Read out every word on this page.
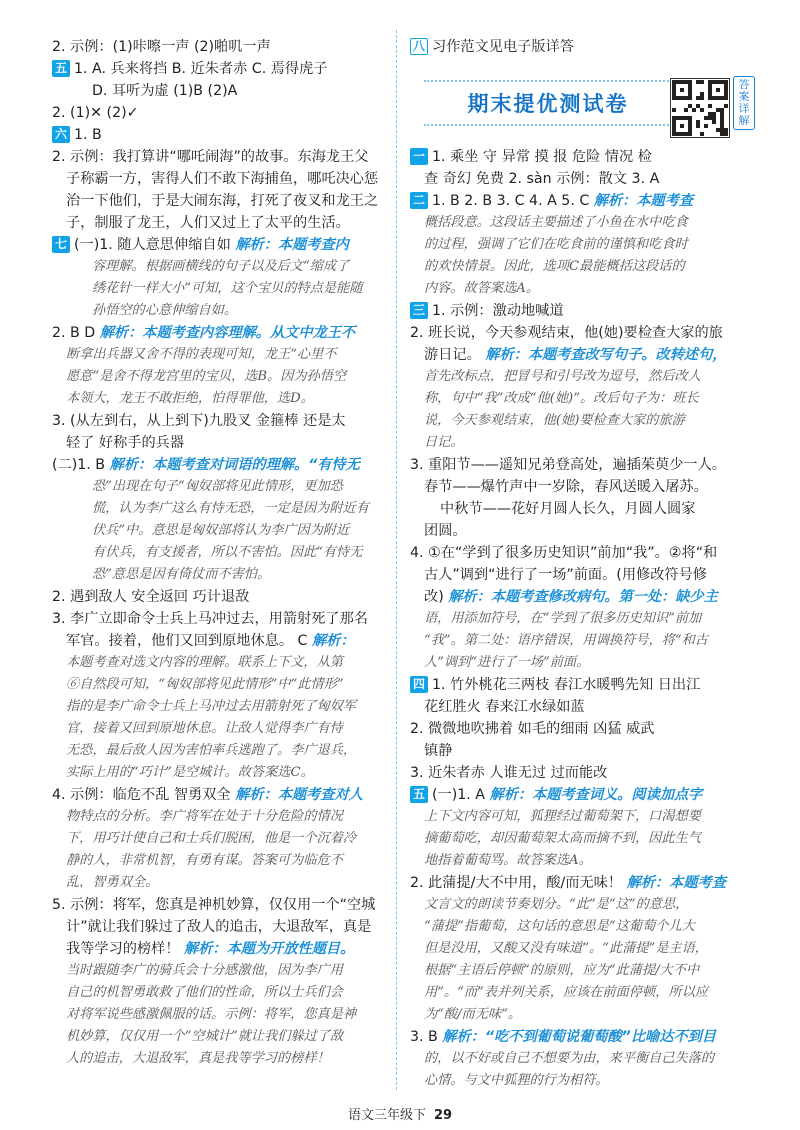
2. 示例：(1)咔嚓一声 (2)啪叽一声
五 1. A. 兵来将挡 B. 近朱者赤 C. 焉得虎子
D. 耳听为虚 (1)B (2)A
2. (1)✕ (2)✓
六 1. B
2. 示例：我打算讲“哪吒闹海”的故事。东海龙王父
子称霸一方，害得人们不敢下海捕鱼，哪吒决心惩
治一下他们，于是大闹东海，打死了夜叉和龙王之
子，制服了龙王，人们又过上了太平的生活。
七 (一)1. 随人意思伸缩自如 解析：本题考查内
容理解。根据画横线的句子以及后文“缩成了
绣花针一样大小”可知，这个宝贝的特点是能随
孙悟空的心意伸缩自如。
2. B D 解析：本题考查内容理解。从文中龙王不
断拿出兵器又舍不得的表现可知，龙王“心里不
愿意”是舍不得龙宫里的宝贝，选B。因为孙悟空
本领大，龙王不敢拒绝，怕得罪他，选D。
3. (从左到右，从上到下)九股叉 金箍棒 还是太
轻了 好称手的兵器
(二)1. B 解析：本题考查对词语的理解。“有恃无
恐”出现在句子“匈奴部将见此情形，更加恐
慌，认为李广这么有恃无恐，一定是因为附近有
伏兵”中。意思是匈奴部将认为李广因为附近
有伏兵，有支援者，所以不害怕。因此“有恃无
恐”意思是因有倚仗而不害怕。
2. 遇到敌人 安全返回 巧计退敌
3. 李广立即命令士兵上马冲过去，用箭射死了那名
军官。接着，他们又回到原地休息。 C 解析：
本题考查对选文内容的理解。联系上下文，从第
⑥自然段可知，“匈奴部将见此情形”中“此情形”
指的是李广命令士兵上马冲过去用箭射死了匈奴军
官，接着又回到原地休息。让敌人觉得李广有恃
无恐，最后敌人因为害怕率兵逃跑了。李广退兵，
实际上用的“巧计”是空城计。故答案选C。
4. 示例：临危不乱 智勇双全 解析：本题考查对人
物特点的分析。李广将军在处于十分危险的情况
下，用巧计使自己和士兵们脱困，他是一个沉着冷
静的人，非常机智，有勇有谋。答案可为临危不
乱，智勇双全。
5. 示例：将军，您真是神机妙算，仅仅用一个“空城
计”就让我们躲过了敌人的追击，大退敌军，真是
我等学习的榜样！ 解析：本题为开放性题目。
当时跟随李广的骑兵会十分感激他，因为李广用
自己的机智勇敢救了他们的性命，所以士兵们会
对将军说些感激佩服的话。示例：将军，您真是神
机妙算，仅仅用一个“空城计”就让我们躲过了敌
人的追击，大退敌军，真是我等学习的榜样！
八 习作范文见电子版详答
期末提优测试卷
答案详解
一 1. 乘坐 守 异常 摸 报 危险 情况 检
查 奇幻 免费 2. sàn 示例：散文 3. A
二 1. B 2. B 3. C 4. A 5. C 解析：本题考查
概括段意。这段话主要描述了小鱼在水中吃食
的过程，强调了它们在吃食前的谨慎和吃食时
的欢快情景。因此，选项C最能概括这段话的
内容。故答案选A。
三 1. 示例：激动地喊道
2. 班长说，今天参观结束，他(她)要检查大家的旅
游日记。 解析：本题考查改写句子。改转述句，
首先改标点，把冒号和引号改为逗号，然后改人
称，句中“我”改成“他(她)”。改后句子为：班长
说，今天参观结束，他(她)要检查大家的旅游
日记。
3. 重阳节——遥知兄弟登高处，遍插茱萸少一人。
春节——爆竹声中一岁除，春风送暖入屠苏。
中秋节——花好月圆人长久，月圆人圆家
团圆。
4. ①在“学到了很多历史知识”前加“我”。②将“和
古人”调到“进行了一场”前面。(用修改符号修
改) 解析：本题考查修改病句。第一处：缺少主
语，用添加符号，在“学到了很多历史知识”前加
“我”。第二处：语序错误，用调换符号，将“和古
人”调到“进行了一场”前面。
四 1. 竹外桃花三两枝 春江水暖鸭先知 日出江
花红胜火 春来江水绿如蓝
2. 微微地吹拂着 如毛的细雨 凶猛 威武
镇静
3. 近朱者赤 人谁无过 过而能改
五 (一)1. A 解析：本题考查词义。阅读加点字
上下文内容可知，狐狸经过葡萄架下，口渴想要
摘葡萄吃，却因葡萄架太高而摘不到，因此生气
地指着葡萄骂。故答案选A。
2. 此蒲提/大不中用，酸/而无味！ 解析：本题考查
文言文的朗读节奏划分。“此”是“这”的意思，
“蒲提”指葡萄，这句话的意思是“这葡萄个儿大
但是没用，又酸又没有味道”。“此蒲提”是主语，
根据“主语后停顿”的原则，应为“此蒲提/大不中
用”。“而”表并列关系，应该在前面停顿，所以应
为“酸/而无味”。
3. B 解析：“吃不到葡萄说葡萄酸”比喻达不到目
的，以不好或自己不想要为由，来平衡自己失落的
心情。与文中狐狸的行为相符。
语文三年级下 29
